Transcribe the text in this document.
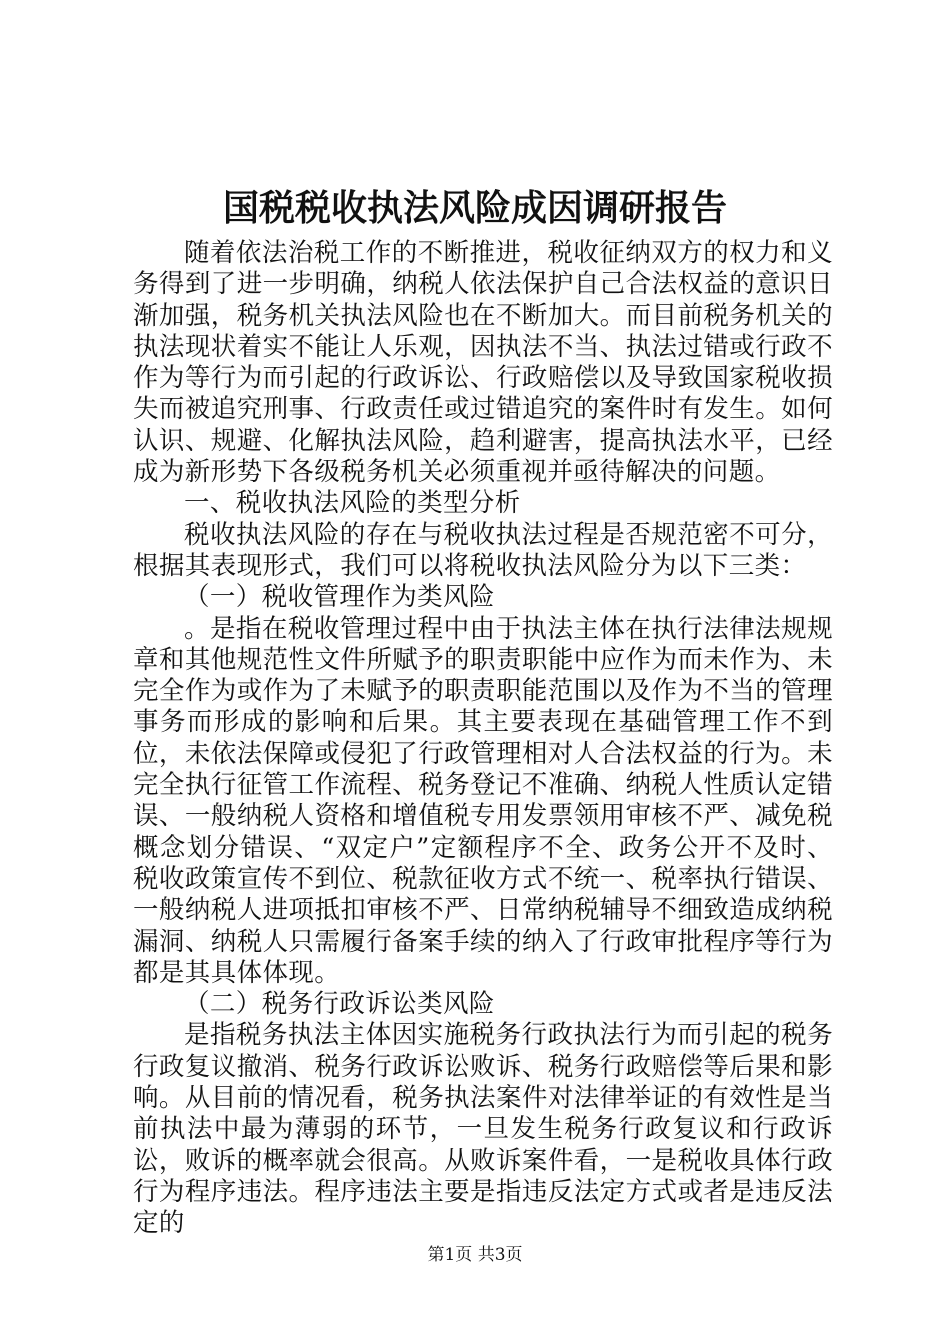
国税税收执法风险成因调研报告

随着依法治税工作的不断推进，税收征纳双方的权力和义务得到了进一步明确，纳税人依法保护自己合法权益的意识日渐加强，税务机关执法风险也在不断加大。而目前税务机关的执法现状着实不能让人乐观，因执法不当、执法过错或行政不作为等行为而引起的行政诉讼、行政赔偿以及导致国家税收损失而被追究刑事、行政责任或过错追究的案件时有发生。如何认识、规避、化解执法风险，趋利避害，提高执法水平，已经成为新形势下各级税务机关必须重视并亟待解决的问题。

一、税收执法风险的类型分析

税收执法风险的存在与税收执法过程是否规范密不可分，根据其表现形式，我们可以将税收执法风险分为以下三类：

（一）税收管理作为类风险

。是指在税收管理过程中由于执法主体在执行法律法规规章和其他规范性文件所赋予的职责职能中应作为而未作为、未完全作为或作为了未赋予的职责职能范围以及作为不当的管理事务而形成的影响和后果。其主要表现在基础管理工作不到位，未依法保障或侵犯了行政管理相对人合法权益的行为。未完全执行征管工作流程、税务登记不准确、纳税人性质认定错误、一般纳税人资格和增值税专用发票领用审核不严、减免税概念划分错误、“双定户”定额程序不全、政务公开不及时、税收政策宣传不到位、税款征收方式不统一、税率执行错误、一般纳税人进项抵扣审核不严、日常纳税辅导不细致造成纳税漏洞、纳税人只需履行备案手续的纳入了行政审批程序等行为都是其具体体现。

（二）税务行政诉讼类风险

是指税务执法主体因实施税务行政执法行为而引起的税务行政复议撤消、税务行政诉讼败诉、税务行政赔偿等后果和影响。从目前的情况看，税务执法案件对法律举证的有效性是当前执法中最为薄弱的环节，一旦发生税务行政复议和行政诉讼，败诉的概率就会很高。从败诉案件看，一是税收具体行政行为程序违法。程序违法主要是指违反法定方式或者是违反法定的

第1页 共3页
